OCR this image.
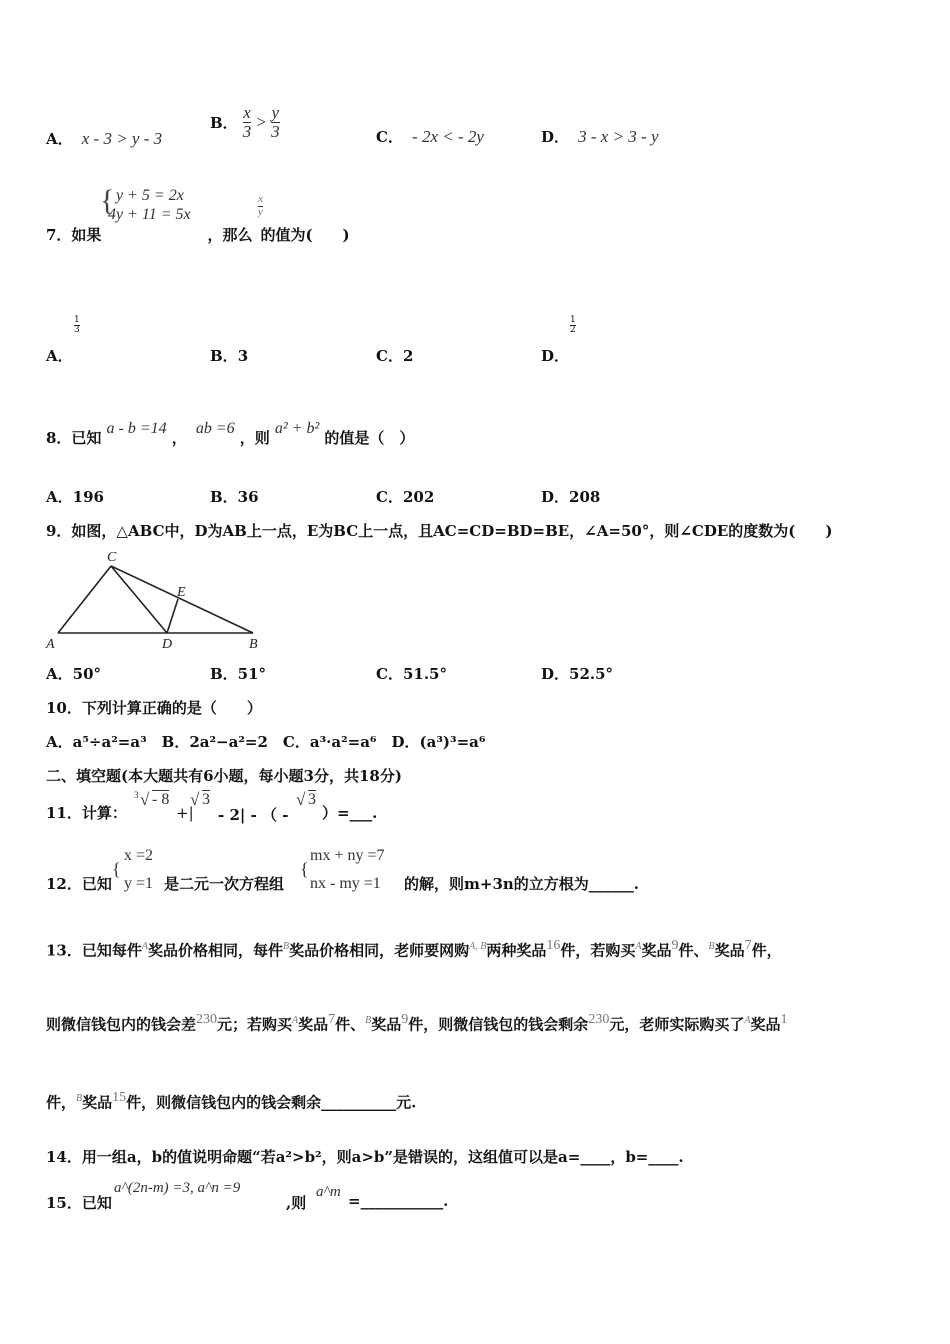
A． x - 3 > y - 3
B． $\frac{x}{3} > \frac{y}{3}$	C． - 2x < - 2y	D． 3 - x > 3 - y
{ y + 5 = 2x
4y + 11 = 5x	$\frac{x}{y}$
7．如果	，那么 的值为(　　)
$\frac{1}{3}$
A．	B．3	C．2
$\frac{1}{2}$
D．
8．已知 a - b =14 ， ab =6 ，则 a² + b² 的值是（　）
A．196	B．36	C．202	D．208
9．如图，△ABC中，D为AB上一点，E为BC上一点，且AC=CD=BD=BE，∠A=50°，则∠CDE的度数为(　　)
C
E
A	D	B
A．50°	B．51°	C．51.5°	D．52.5°
10．下列计算正确的是（　　）
A．a⁵÷a²=a³　B．2a²−a²=2　C．a³·a²=a⁶　D．(a³)³=a⁶
二、填空题(本大题共有6小题，每小题3分，共18分)
11．计算：
3 √ - 8
+|
√ 3
- 2| - （ -
√ 3
）=___.
12．已知
{
x =2
y =1 是二元一次方程组
{
mx + ny =7
nx - my =1 的解，则m+3n的立方根为______.
13．已知每件$^A$奖品价格相同，每件$^B$奖品价格相同，老师要网购$^{A, B}$两种奖品16件，若购买$^A$奖品9件、$^B$奖品7件，
则微信钱包内的钱会差230元；若购买$^A$奖品7件、$^B$奖品9件，则微信钱包的钱会剩余230元，老师实际购买了$^A$奖品1
件，$^B$奖品15件，则微信钱包内的钱会剩余__________元.
14．用一组a，b的值说明命题“若a²>b²，则a>b”是错误的，这组值可以是a=____，b=____.
15．已知
a^(2n-m) =3, a^n =9
,则
a^m =___________.
